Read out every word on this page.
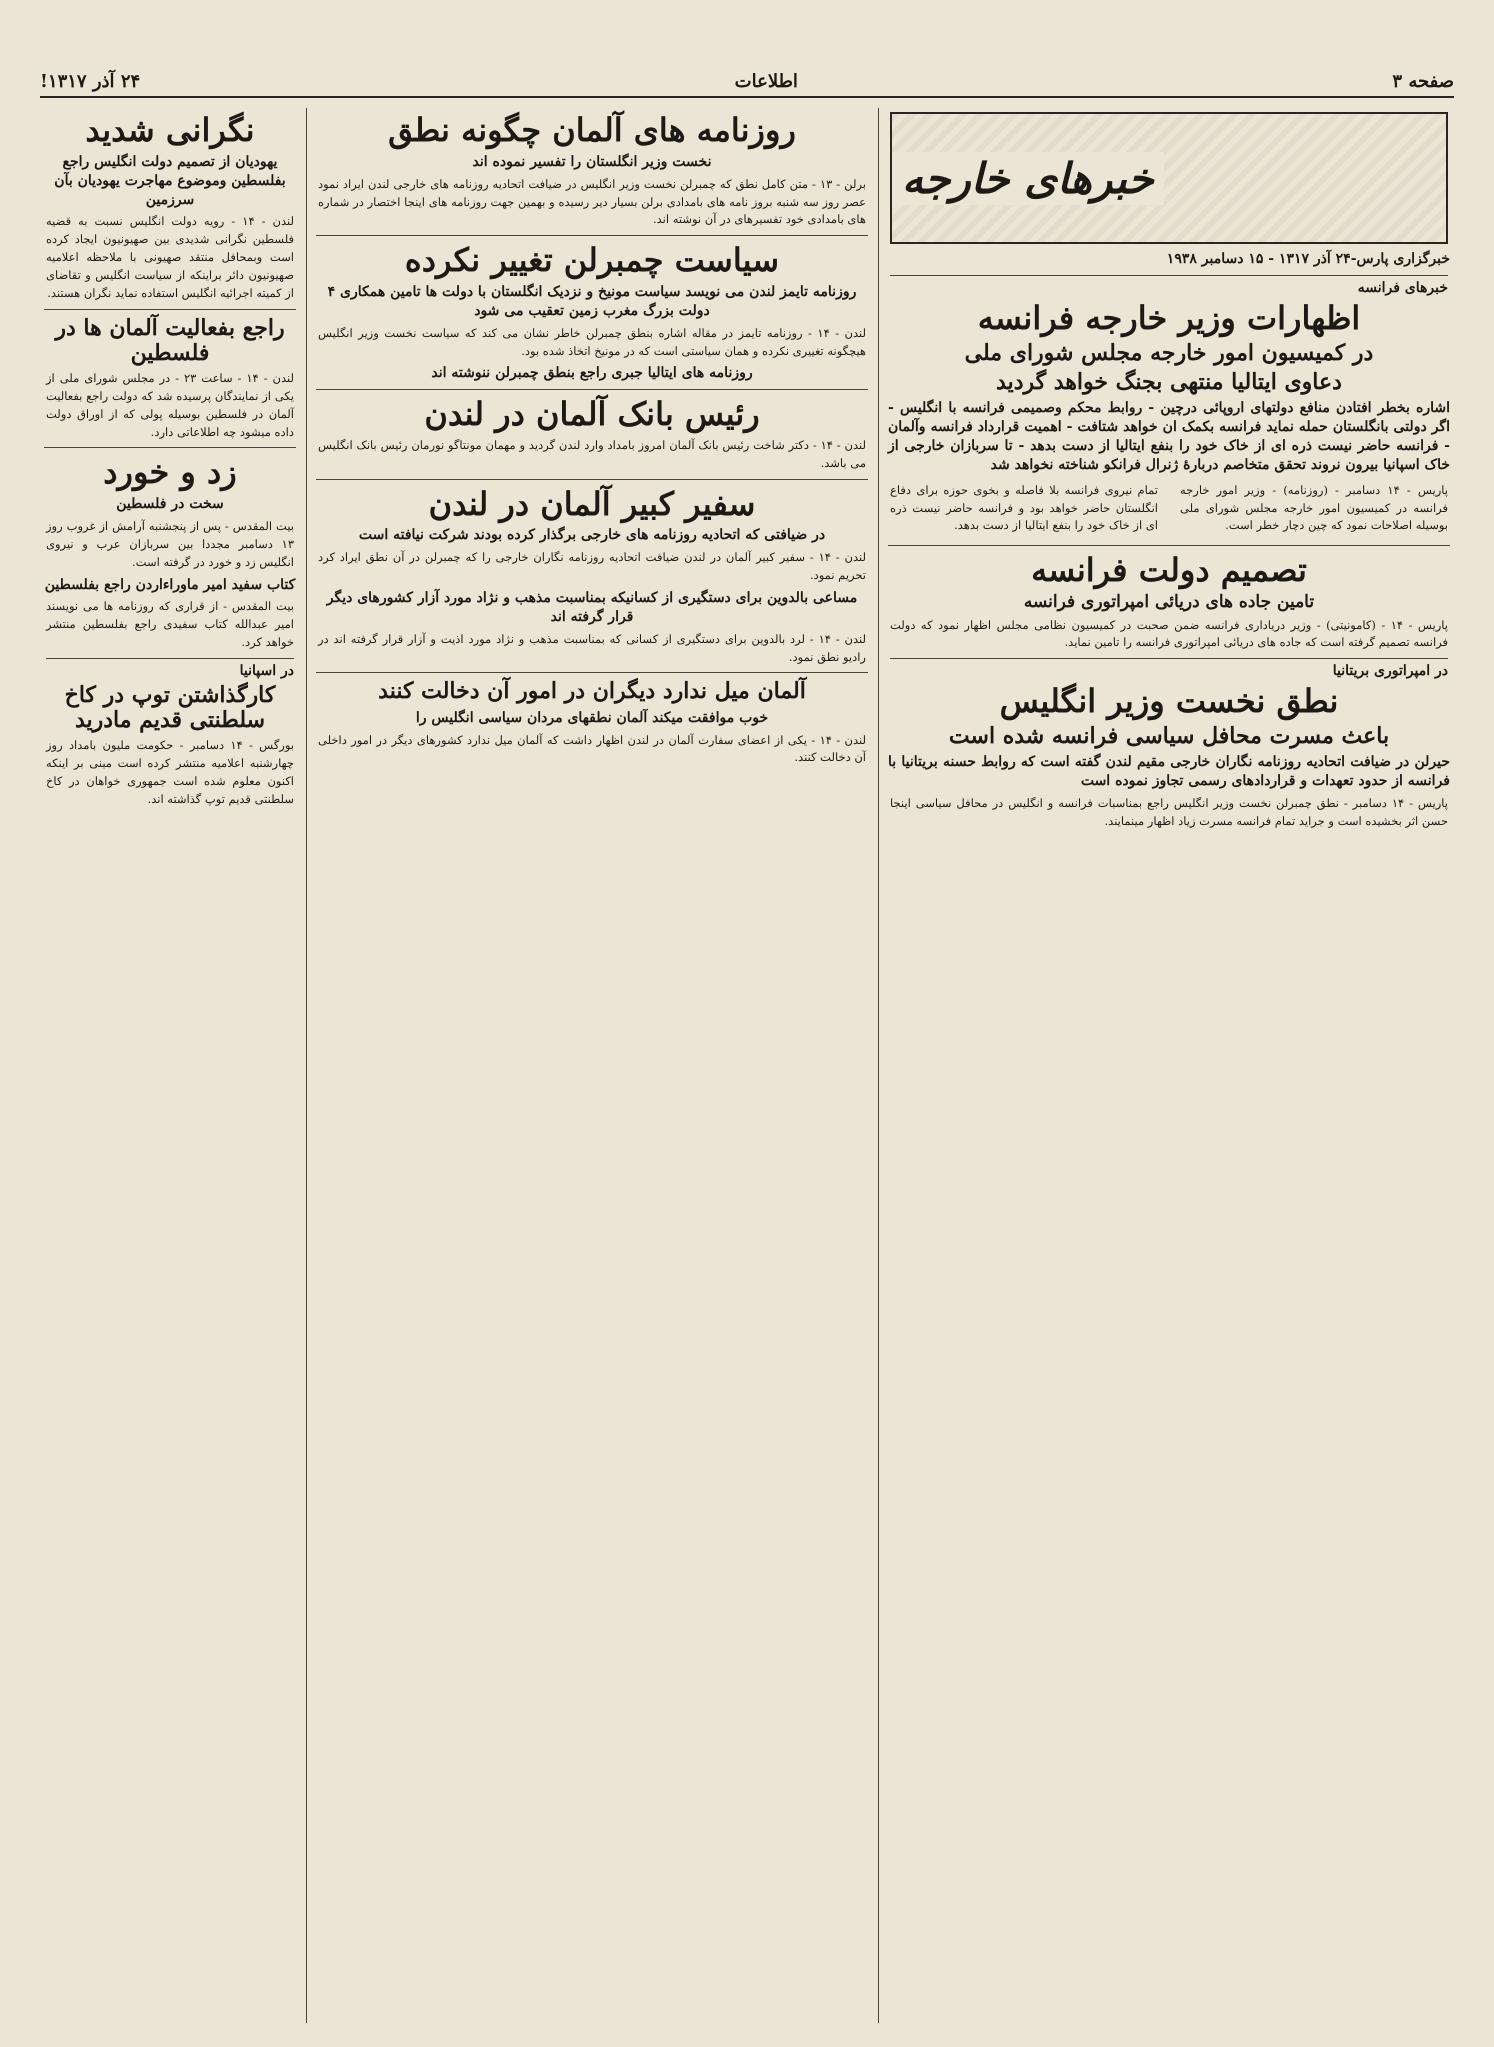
صفحه ۳
اطلاعات
۲۴ آذر ۱۳۱۷!
خبرهای خارجه
خبرگزاری پارس-۲۴ آذر ۱۳۱۷ - ۱۵ دسامبر ۱۹۳۸
خبرهای فرانسه
اظهارات وزیر خارجه فرانسه
در کمیسیون امور خارجه مجلس شورای ملی
دعاوی ایتالیا منتهی بجنگ خواهد گردید
اشاره بخطر افتادن منافع دولتهای اروپائی درچین - روابط محکم وصمیمی فرانسه با انگلیس - اگر دولتی بانگلستان حمله نماید فرانسه بکمک ان خواهد شتافت - اهمیت قرارداد فرانسه وآلمان - فرانسه حاضر نیست ذره ای از خاک خود را بنفع ایتالیا از دست بدهد - تا سربازان خارجی از خاک اسپانیا بیرون نروند تحقق متخاصم دربارهٔ ژنرال فرانکو شناخته نخواهد شد
پاریس - ۱۴ دسامبر - (روزنامه) - وزیر امور خارجه فرانسه در کمیسیون امور خارجه مجلس شورای ملی بوسیله اصلاحات نمود که چین دچار خطر است.
تمام نیروی فرانسه بلا فاصله و بخوی حوزه برای دفاع انگلستان حاضر خواهد بود و فرانسه حاضر نیست ذره ای از خاک خود را بنفع ایتالیا از دست بدهد.
تصمیم دولت فرانسه
تامین جاده های دریائی امپراتوری فرانسه
پاریس - ۱۴ - (کامونیتی) - وزیر دریاداری فرانسه ضمن صحبت در کمیسیون نظامی مجلس اظهار نمود که دولت فرانسه تصمیم گرفته است که جاده های دریائی امپراتوری فرانسه را تامین نماید.
در امپراتوری بریتانیا
نطق نخست وزیر انگلیس
باعث مسرت محافل سیاسی فرانسه شده است
حیرلن در ضیافت اتحادیه روزنامه نگاران خارجی مقیم لندن گفته است که روابط حسنه بریتانیا با فرانسه از حدود تعهدات و قراردادهای رسمی تجاوز نموده است
پاریس - ۱۴ دسامبر - نطق چمبرلن نخست وزیر انگلیس راجع بمناسبات فرانسه و انگلیس در محافل سیاسی اینجا حسن اثر بخشیده است و جراید تمام فرانسه مسرت زیاد اظهار مینمایند.
روزنامه های آلمان چگونه نطق
نخست وزیر انگلستان را تفسیر نموده اند
برلن - ۱۳ - متن کامل نطق که چمبرلن نخست وزیر انگلیس در ضیافت اتحادیه روزنامه های خارجی لندن ایراد نمود عصر روز سه شنبه بروز نامه های بامدادی برلن بسیار دیر رسیده و بهمین جهت روزنامه های اینجا اختصار در شماره های بامدادی خود تفسیرهای در آن نوشته اند.
سیاست چمبرلن تغییر نکرده
روزنامه تایمز لندن می نویسد سیاست مونیخ و نزدیک انگلستان با دولت ها تامین همکاری ۴ دولت بزرگ مغرب زمین تعقیب می شود
لندن - ۱۴ - روزنامه تایمز در مقاله اشاره بنطق چمبرلن خاطر نشان می کند که سیاست نخست وزیر انگلیس هیچگونه تغییری نکرده و همان سیاستی است که در مونیخ اتخاذ شده بود.
روزنامه های ایتالیا جبری راجع بنطق چمبرلن ننوشته اند
رئیس بانک آلمان در لندن
لندن - ۱۴ - دکتر شاخت رئیس بانک آلمان امروز بامداد وارد لندن گردید و مهمان مونتاگو نورمان رئیس بانک انگلیس می باشد.
سفیر کبیر آلمان در لندن
در ضیافتی که اتحادیه روزنامه های خارجی برگذار کرده بودند شرکت نیافته است
لندن - ۱۴ - سفیر کبیر آلمان در لندن ضیافت اتحادیه روزنامه نگاران خارجی را که چمبرلن در آن نطق ایراد کرد تحریم نمود.
مساعی بالدوین برای دستگیری از کسانیکه بمناسبت مذهب و نژاد مورد آزار کشورهای دیگر قرار گرفته اند
لندن - ۱۴ - لرد بالدوین برای دستگیری از کسانی که بمناسبت مذهب و نژاد مورد اذیت و آزار قرار گرفته اند در رادیو نطق نمود.
آلمان میل ندارد دیگران در امور آن دخالت کنند
خوب موافقت میکند آلمان نطقهای مردان سیاسی انگلیس را
لندن - ۱۴ - یکی از اعضای سفارت آلمان در لندن اظهار داشت که آلمان میل ندارد کشورهای دیگر در امور داخلی آن دخالت کنند.
نگرانی شدید
یهودیان از تصمیم دولت انگلیس راجع بفلسطین وموضوع مهاجرت یهودیان بآن سرزمین
لندن - ۱۴ - رویه دولت انگلیس نسبت به قضیه فلسطین نگرانی شدیدی بین صهیونیون ایجاد کرده است وبمحافل منتقد صهیونی با ملاحظه اعلامیه صهیونیون دائر براینکه از سیاست انگلیس و تقاضای از کمیته اجرائیه انگلیس استفاده نماید نگران هستند.
راجع بفعالیت آلمان ها در فلسطین
لندن - ۱۴ - ساعت ۲۳ - در مجلس شورای ملی از یکی از نمایندگان پرسیده شد که دولت راجع بفعالیت آلمان در فلسطین بوسیله پولی که از اوراق دولت داده میشود چه اطلاعاتی دارد.
زد و خورد
سخت در فلسطین
بیت المقدس - پس از پنجشنبه آرامش از غروب روز ۱۳ دسامبر مجددا بین سربازان عرب و نیروی انگلیس زد و خورد در گرفته است.
کتاب سفید امیر ماوراءاردن راجع بفلسطین
بیت المقدس - از قراری که روزنامه ها می نویسند امیر عبدالله کتاب سفیدی راجع بفلسطین منتشر خواهد کرد.
در اسپانیا
کارگذاشتن توپ در کاخ سلطنتی قدیم مادرید
بورگس - ۱۴ دسامبر - حکومت ملیون بامداد روز چهارشنبه اعلامیه منتشر کرده است مبنی بر اینکه اکنون معلوم شده است جمهوری خواهان در کاخ سلطنتی قدیم توپ گذاشته اند.
